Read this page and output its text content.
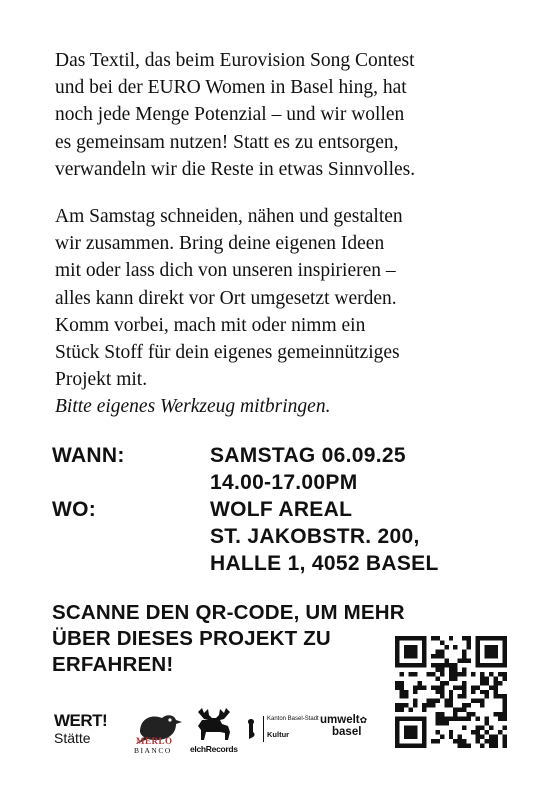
Das Textil, das beim Eurovision Song Contest

und bei der EURO Women in Basel hing, hat

noch jede Menge Potenzial – und wir wollen

es gemeinsam nutzen! Statt es zu entsorgen,

verwandeln wir die Reste in etwas Sinnvolles.

Am Samstag schneiden, nähen und gestalten

wir zusammen. Bring deine eigenen Ideen

mit oder lass dich von unseren inspirieren –

alles kann direkt vor Ort umgesetzt werden.

Komm vorbei, mach mit oder nimm ein

Stück Stoff für dein eigenes gemeinnütziges

Projekt mit.

Bitte eigenes Werkzeug mitbringen.

WANN:	SAMSTAG 06.09.25
14.00-17.00PM
WO:	WOLF AREAL
ST. JAKOBSTR. 200,
HALLE 1, 4052 BASEL

SCANNE DEN QR-CODE, UM MEHR

ÜBER DIESES PROJEKT ZU

ERFAHREN!

WERT!
Stätte	MERLO
BIANCO elchRecords
Kanton Basel-Stadt
Kultur
umwelt✿
basel
